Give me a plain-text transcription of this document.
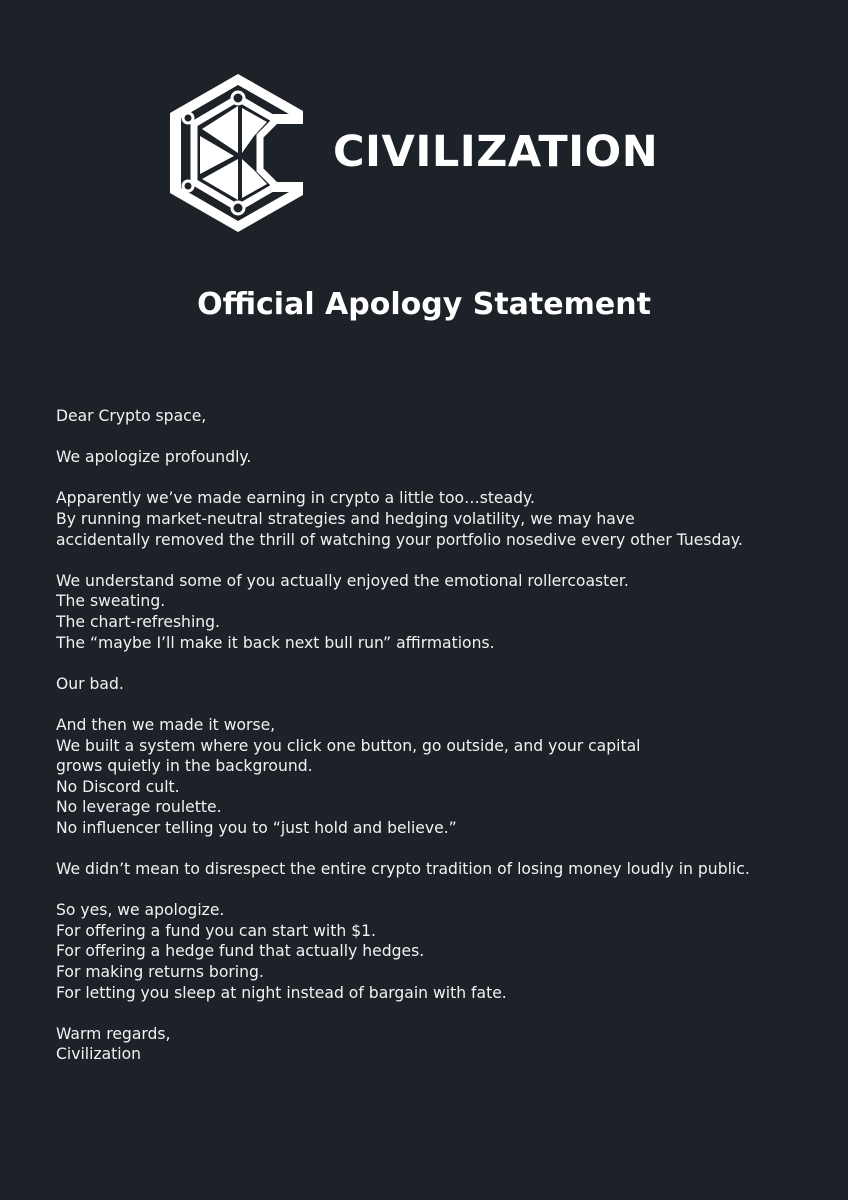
CIVILIZATION
Official Apology Statement

Dear Crypto space,

We apologize profoundly.

Apparently we’ve made earning in crypto a little too…steady.
By running market-neutral strategies and hedging volatility, we may have
accidentally removed the thrill of watching your portfolio nosedive every other Tuesday.

We understand some of you actually enjoyed the emotional rollercoaster.
The sweating.
The chart-refreshing.
The “maybe I’ll make it back next bull run” affirmations.

Our bad.

And then we made it worse,
We built a system where you click one button, go outside, and your capital
grows quietly in the background.
No Discord cult.
No leverage roulette.
No influencer telling you to “just hold and believe.”

We didn’t mean to disrespect the entire crypto tradition of losing money loudly in public.

So yes, we apologize.
For offering a fund you can start with $1.
For offering a hedge fund that actually hedges.
For making returns boring.
For letting you sleep at night instead of bargain with fate.

Warm regards,
Civilization
